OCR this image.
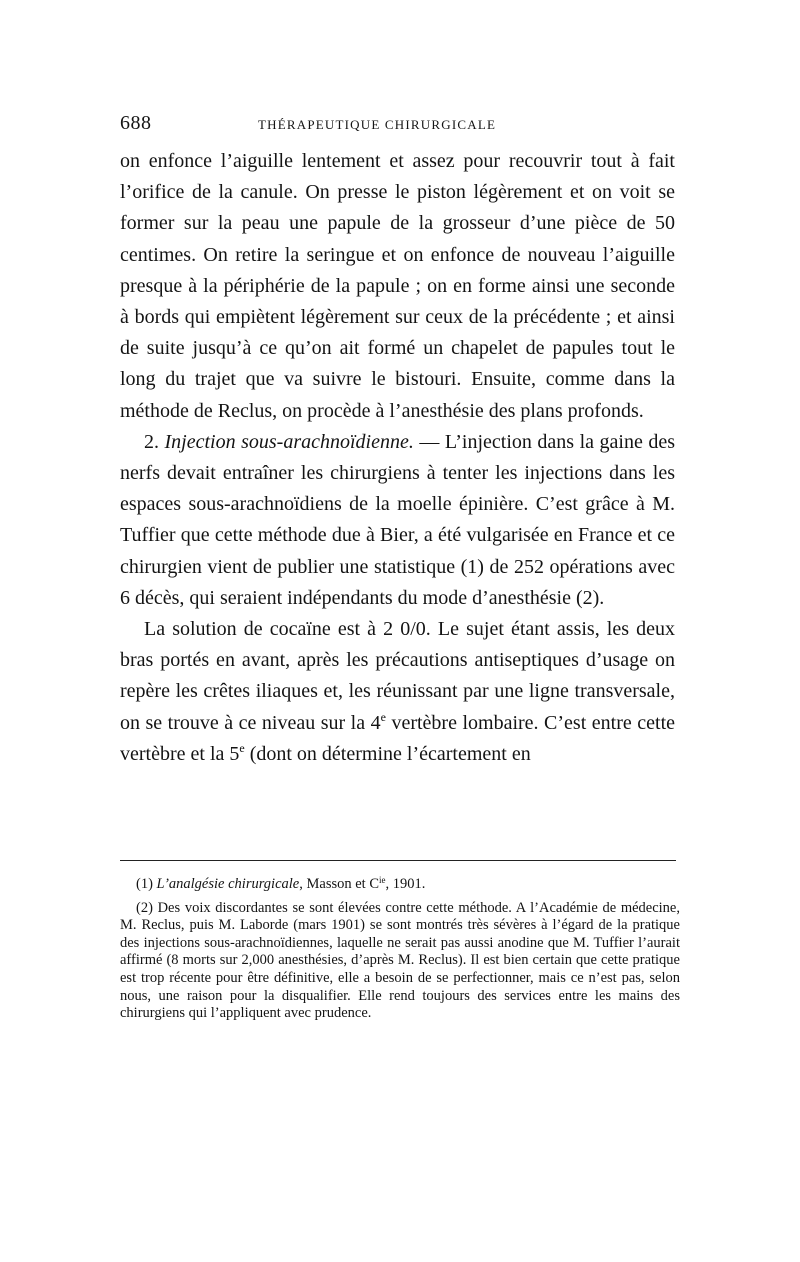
688	THÉRAPEUTIQUE CHIRURGICALE

on enfonce l’aiguille lentement et assez pour recouvrir tout à fait l’orifice de la canule. On presse le piston légèrement et on voit se former sur la peau une papule de la grosseur d’une pièce de 50 centimes. On retire la seringue et on enfonce de nouveau l’aiguille presque à la périphérie de la papule ; on en forme ainsi une seconde à bords qui empiètent légèrement sur ceux de la précédente ; et ainsi de suite jusqu’à ce qu’on ait formé un chapelet de papules tout le long du trajet que va suivre le bistouri. Ensuite, comme dans la méthode de Reclus, on procède à l’anesthésie des plans profonds.

2. Injection sous-arachnoïdienne. — L’injection dans la gaine des nerfs devait entraîner les chirurgiens à tenter les injections dans les espaces sous-arachnoïdiens de la moelle épinière. C’est grâce à M. Tuffier que cette méthode due à Bier, a été vulgarisée en France et ce chirurgien vient de publier une statistique (1) de 252 opérations avec 6 décès, qui seraient indépendants du mode d’anesthésie (2).

La solution de cocaïne est à 2 0/0. Le sujet étant assis, les deux bras portés en avant, après les précautions antiseptiques d’usage on repère les crêtes iliaques et, les réunissant par une ligne transversale, on se trouve à ce niveau sur la 4e vertèbre lombaire. C’est entre cette vertèbre et la 5e (dont on détermine l’écartement en

(1) L’analgésie chirurgicale, Masson et $C^{ie}$, 1901.

(2) Des voix discordantes se sont élevées contre cette méthode. A l’Académie de médecine, M. Reclus, puis M. Laborde (mars 1901) se sont montrés très sévères à l’égard de la pratique des injections sous-arachnoïdiennes, laquelle ne serait pas aussi anodine que M. Tuffier l’aurait affirmé (8 morts sur 2,000 anesthésies, d’après M. Reclus). Il est bien certain que cette pratique est trop récente pour être définitive, elle a besoin de se perfectionner, mais ce n’est pas, selon nous, une raison pour la disqualifier. Elle rend toujours des services entre les mains des chirurgiens qui l’appliquent avec prudence.
